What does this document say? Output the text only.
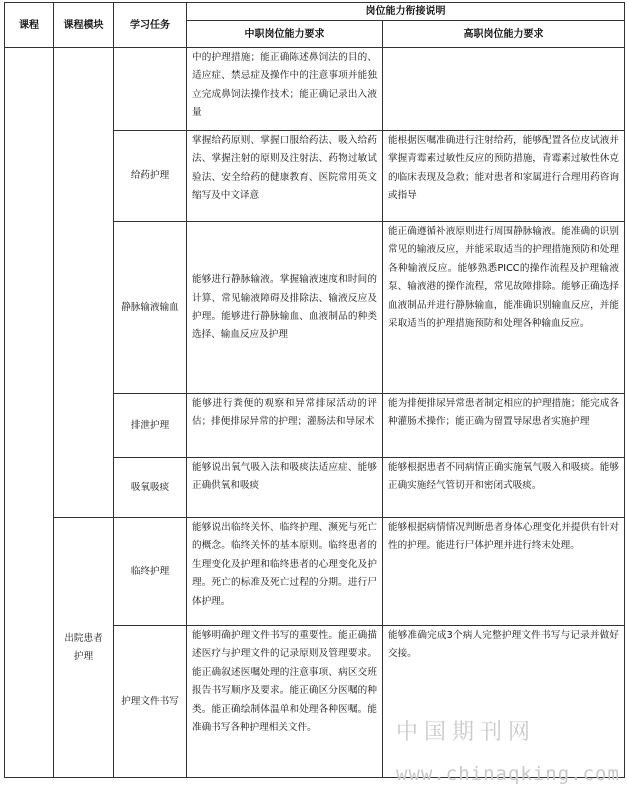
课程	课程模块	学习任务	岗位能力衔接说明	
			中职岗位能力要求	高职岗位能力要求

			中的护理措施；能正确陈述鼻饲法的目的、适应症、禁忌症及操作中的注意事项并能独立完成鼻饲法操作技术；能正确记录出入液量	

		给药护理	掌握给药原则、掌握口服给药法、吸入给药法、掌握注射的原则及注射法、药物过敏试验法、安全给药的健康教育、医院常用英文缩写及中文译意	能根据医嘱准确进行注射给药，能够配置各位皮试液并掌握青霉素过敏性反应的预防措施，青霉素过敏性休克的临床表现及急救；能对患者和家属进行合理用药咨询或指导

		静脉输液输血	能够进行静脉输液。掌握输液速度和时间的计算、常见输液障碍及排除法、输液反应及护理。能够进行静脉输血、血液制品的种类选择、输血反应及护理	能正确遵循补液原则进行周围静脉输液。能准确的识别常见的输液反应，并能采取适当的护理措施预防和处理各种输液反应。能够熟悉PICC的操作流程及护理输液泵、输液港的操作流程，常见故障排除。能够正确选择血液制品并进行静脉输血，能准确识别输血反应，并能采取适当的护理措施预防和处理各种输血反应。

		排泄护理	能够进行粪便的观察和异常排尿活动的评估；排便排尿异常的护理；灌肠法和导尿术	能为排便排尿异常患者制定相应的护理措施；能完成各种灌肠术操作；能正确为留置导尿患者实施护理

		吸氧吸痰	能够说出氧气吸入法和吸痰法适应症、能够正确供氧和吸痰	能够根据患者不同病情正确实施氧气吸入和吸痰。能够正确实施经气管切开和密闭式吸痰。

	出院患者护理	临终护理	能够说出临终关怀、临终护理、濒死与死亡的概念。临终关怀的基本原则。临终患者的生理变化及护理和临终患者的心理变化及护理。死亡的标准及死亡过程的分期。进行尸体护理。	能够根据病情情况判断患者身体心理变化并提供有针对性的护理。能进行尸体护理并进行终末处理。

		护理文件书写	能够明确护理文件书写的重要性。能正确描述医疗与护理文件的记录原则及管理要求。能正确叙述医嘱处理的注意事项、病区交班报告书写顺序及要求。能正确区分医嘱的种类。能正确绘制体温单和处理各种医嘱。能准确书写各种护理相关文件。	能够准确完成3个病人完整护理文件书写与记录并做好交接。
中国期刊网
www.chinaqking.com
